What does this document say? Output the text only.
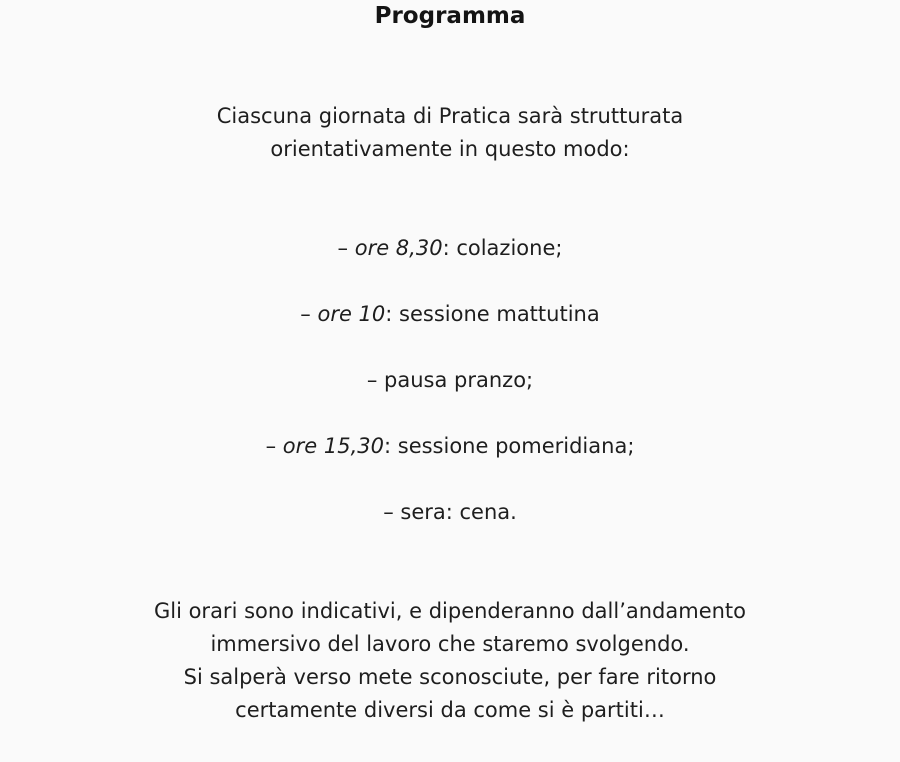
Programma

Ciascuna giornata di Pratica sarà strutturata
orientativamente in questo modo:

– ore 8,30: colazione;
– ore 10: sessione mattutina
– pausa pranzo;
– ore 15,30: sessione pomeridiana;
– sera: cena.

Gli orari sono indicativi, e dipenderanno dall’andamento
immersivo del lavoro che staremo svolgendo.
Si salperà verso mete sconosciute, per fare ritorno
certamente diversi da come si è partiti…
